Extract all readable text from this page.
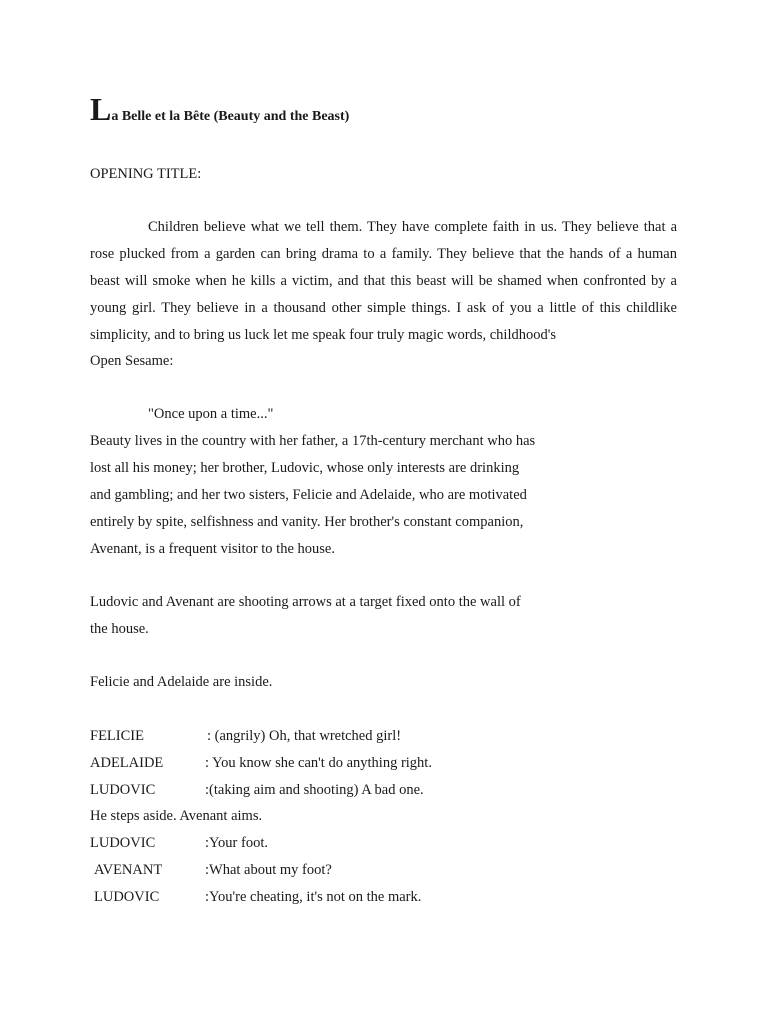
La Belle et la Bête (Beauty and the Beast)
OPENING TITLE:
Children believe what we tell them. They have complete faith in us. They believe that a
rose plucked from a garden can bring drama to a family. They believe that the hands of a human
beast will smoke when he kills a victim, and that this beast will be shamed when confronted by a
young girl. They believe in a thousand other simple things. I ask of you a little of this childlike
simplicity, and to bring us luck let me speak four truly magic words, childhood's
Open Sesame:
"Once upon a time..."
Beauty lives in the country with her father, a 17th-century merchant who has
lost all his money; her brother, Ludovic, whose only interests are drinking
and gambling; and her two sisters, Felicie and Adelaide, who are motivated
entirely by spite, selfishness and vanity. Her brother's constant companion,
Avenant, is a frequent visitor to the house.
Ludovic and Avenant are shooting arrows at a target fixed onto the wall of
the house.
Felicie and Adelaide are inside.
FELICIE	: (angrily) Oh, that wretched girl!
ADELAIDE	: You know she can't do anything right.
LUDOVIC	:(taking aim and shooting) A bad one.
He steps aside. Avenant aims.
LUDOVIC	:Your foot.
AVENANT	:What about my foot?
LUDOVIC	:You're cheating, it's not on the mark.
